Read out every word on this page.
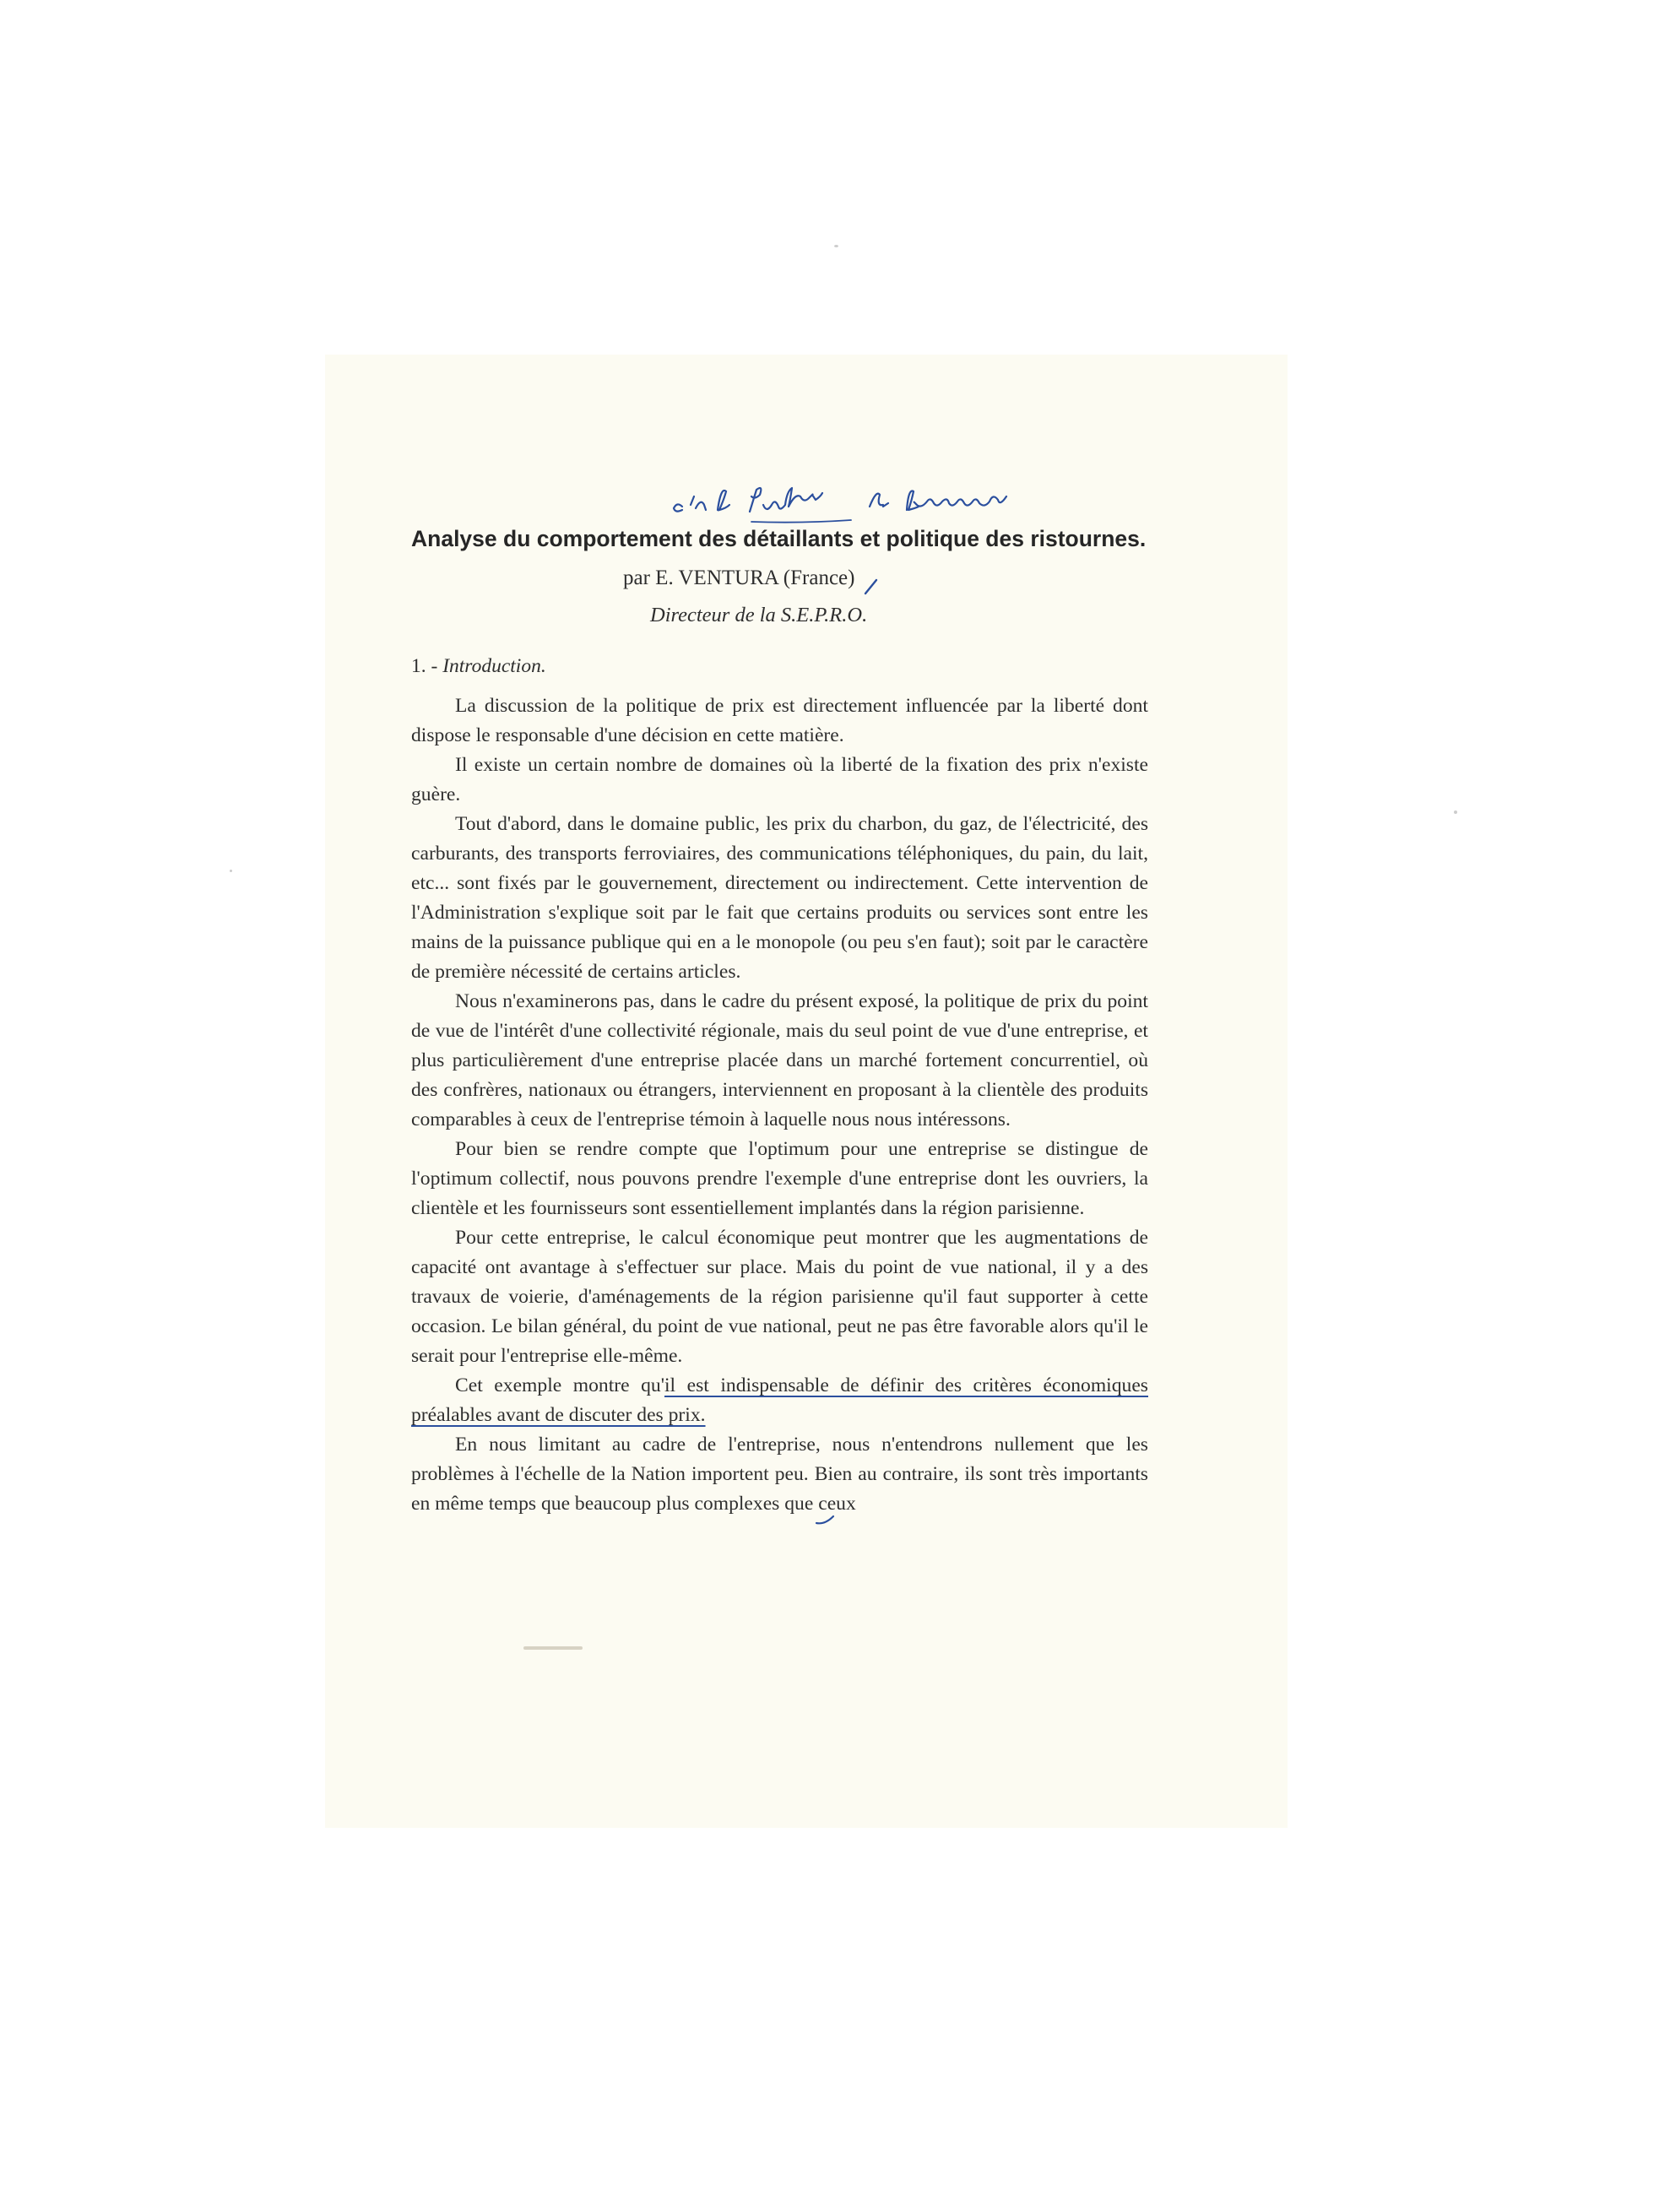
Analyse du comportement des détaillants et politique des ristournes.
par E. VENTURA (France)
Directeur de la S.E.P.R.O.
1. - Introduction.

La discussion de la politique de prix est directement influencée par la liberté dont dispose le responsable d'une décision en cette matière.

Il existe un certain nombre de domaines où la liberté de la fixation des prix n'existe guère.

Tout d'abord, dans le domaine public, les prix du charbon, du gaz, de l'électricité, des carburants, des transports ferroviaires, des communications téléphoniques, du pain, du lait, etc... sont fixés par le gouvernement, directement ou indirectement. Cette intervention de l'Administration s'explique soit par le fait que certains produits ou services sont entre les mains de la puissance publique qui en a le monopole (ou peu s'en faut); soit par le caractère de première nécessité de certains articles.

Nous n'examinerons pas, dans le cadre du présent exposé, la politique de prix du point de vue de l'intérêt d'une collectivité régionale, mais du seul point de vue d'une entreprise, et plus particulièrement d'une entreprise placée dans un marché fortement concurrentiel, où des confrères, nationaux ou étrangers, interviennent en proposant à la clientèle des produits comparables à ceux de l'entreprise témoin à laquelle nous nous intéressons.

Pour bien se rendre compte que l'optimum pour une entreprise se distingue de l'optimum collectif, nous pouvons prendre l'exemple d'une entreprise dont les ouvriers, la clientèle et les fournisseurs sont essentiellement implantés dans la région parisienne.

Pour cette entreprise, le calcul économique peut montrer que les augmentations de capacité ont avantage à s'effectuer sur place. Mais du point de vue national, il y a des travaux de voierie, d'aménagements de la région parisienne qu'il faut supporter à cette occasion. Le bilan général, du point de vue national, peut ne pas être favorable alors qu'il le serait pour l'entreprise elle-même.

Cet exemple montre qu'il est indispensable de définir des critères économiques préalables avant de discuter des prix.

En nous limitant au cadre de l'entreprise, nous n'entendrons nullement que les problèmes à l'échelle de la Nation importent peu. Bien au contraire, ils sont très importants en même temps que beaucoup plus complexes que ceux
